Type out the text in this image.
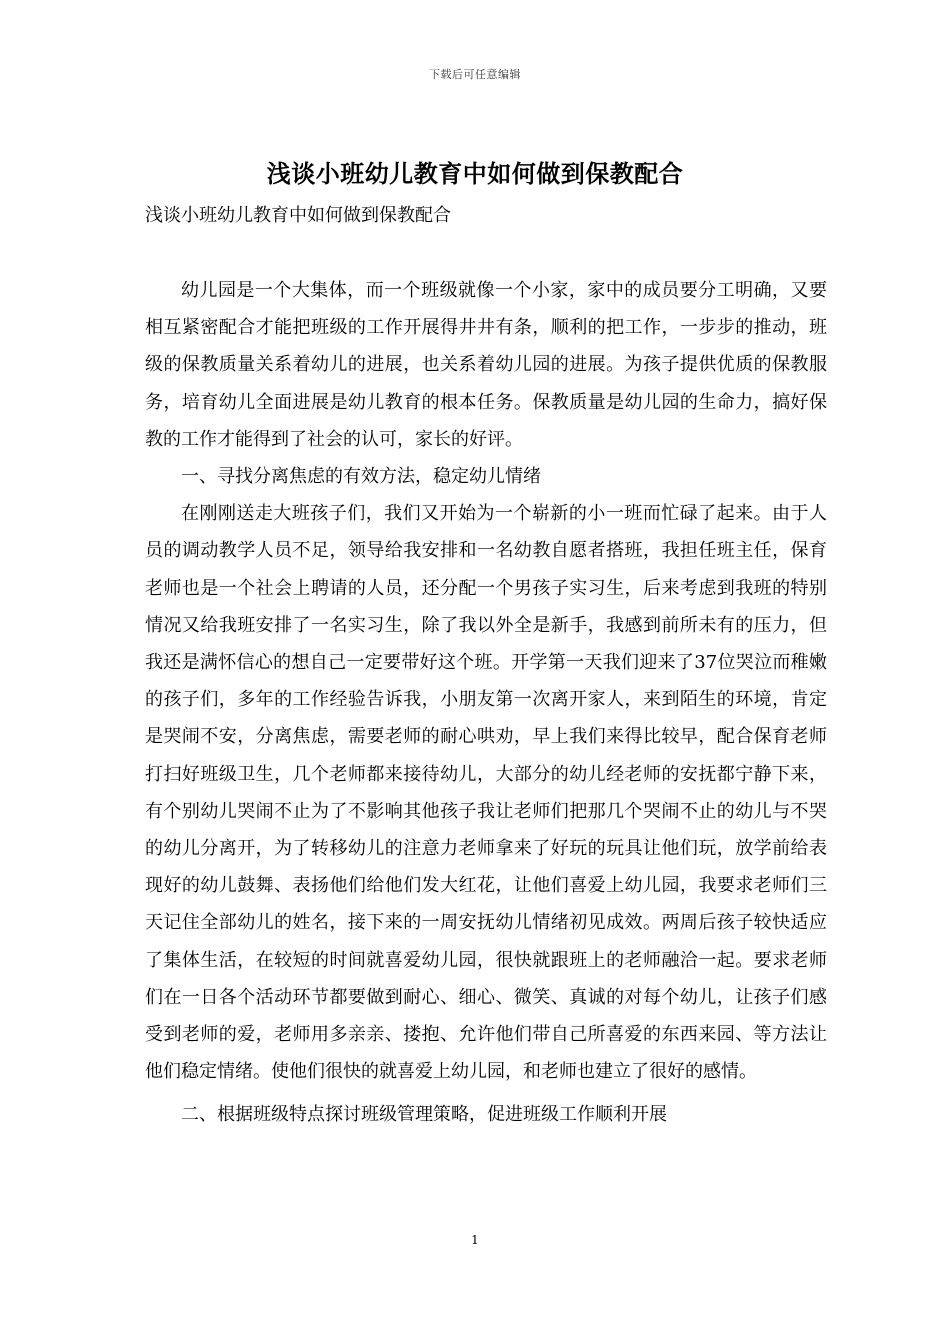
下载后可任意编辑
浅谈小班幼儿教育中如何做到保教配合
浅谈小班幼儿教育中如何做到保教配合

幼儿园是一个大集体，而一个班级就像一个小家，家中的成员要分工明确，又要相互紧密配合才能把班级的工作开展得井井有条，顺利的把工作，一步步的推动，班级的保教质量关系着幼儿的进展，也关系着幼儿园的进展。为孩子提供优质的保教服务，培育幼儿全面进展是幼儿教育的根本任务。保教质量是幼儿园的生命力，搞好保教的工作才能得到了社会的认可，家长的好评。

一、寻找分离焦虑的有效方法，稳定幼儿情绪

在刚刚送走大班孩子们，我们又开始为一个崭新的小一班而忙碌了起来。由于人员的调动教学人员不足，领导给我安排和一名幼教自愿者搭班，我担任班主任，保育老师也是一个社会上聘请的人员，还分配一个男孩子实习生，后来考虑到我班的特别情况又给我班安排了一名实习生，除了我以外全是新手，我感到前所未有的压力，但我还是满怀信心的想自己一定要带好这个班。开学第一天我们迎来了37位哭泣而稚嫩的孩子们，多年的工作经验告诉我，小朋友第一次离开家人，来到陌生的环境，肯定是哭闹不安，分离焦虑，需要老师的耐心哄劝，早上我们来得比较早，配合保育老师打扫好班级卫生，几个老师都来接待幼儿，大部分的幼儿经老师的安抚都宁静下来，有个别幼儿哭闹不止为了不影响其他孩子我让老师们把那几个哭闹不止的幼儿与不哭的幼儿分离开，为了转移幼儿的注意力老师拿来了好玩的玩具让他们玩，放学前给表现好的幼儿鼓舞、表扬他们给他们发大红花，让他们喜爱上幼儿园，我要求老师们三天记住全部幼儿的姓名，接下来的一周安抚幼儿情绪初见成效。两周后孩子较快适应了集体生活，在较短的时间就喜爱幼儿园，很快就跟班上的老师融洽一起。要求老师们在一日各个活动环节都要做到耐心、细心、微笑、真诚的对每个幼儿，让孩子们感受到老师的爱，老师用多亲亲、搂抱、允许他们带自己所喜爱的东西来园、等方法让他们稳定情绪。使他们很快的就喜爱上幼儿园，和老师也建立了很好的感情。

二、根据班级特点探讨班级管理策略，促进班级工作顺利开展

1
